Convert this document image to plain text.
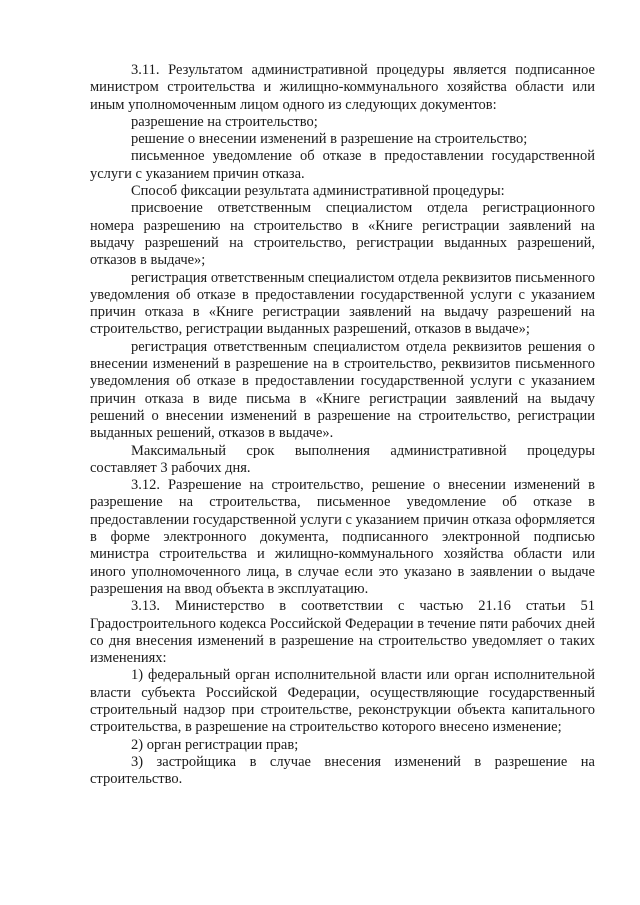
3.11. Результатом административной процедуры является подписанное министром строительства и жилищно-коммунального хозяйства области или иным уполномоченным лицом одного из следующих документов:

разрешение на строительство;

решение о внесении изменений в разрешение на строительство;

письменное уведомление об отказе в предоставлении государственной услуги с указанием причин отказа.

Способ фиксации результата административной процедуры:

присвоение ответственным специалистом отдела регистрационного номера разрешению на строительство в «Книге регистрации заявлений на выдачу разрешений на строительство, регистрации выданных разрешений, отказов в выдаче»;

регистрация ответственным специалистом отдела реквизитов письменного уведомления об отказе в предоставлении государственной услуги с указанием причин отказа в «Книге регистрации заявлений на выдачу разрешений на строительство, регистрации выданных разрешений, отказов в выдаче»;

регистрация ответственным специалистом отдела реквизитов решения о внесении изменений в разрешение на в строительство, реквизитов письменного уведомления об отказе в предоставлении государственной услуги с указанием причин отказа в виде письма в «Книге регистрации заявлений на выдачу решений о внесении изменений в разрешение на строительство, регистрации выданных решений, отказов в выдаче».

Максимальный срок выполнения административной процедуры составляет 3 рабочих дня.

3.12. Разрешение на строительство, решение о внесении изменений в разрешение на строительства, письменное уведомление об отказе в предоставлении государственной услуги с указанием причин отказа оформляется в форме электронного документа, подписанного электронной подписью министра строительства и жилищно-коммунального хозяйства области или иного уполномоченного лица, в случае если это указано в заявлении о выдаче разрешения на ввод объекта в эксплуатацию.

3.13. Министерство в соответствии с частью 21.16 статьи 51 Градостроительного кодекса Российской Федерации в течение пяти рабочих дней со дня внесения изменений в разрешение на строительство уведомляет о таких изменениях:

1) федеральный орган исполнительной власти или орган исполнительной власти субъекта Российской Федерации, осуществляющие государственный строительный надзор при строительстве, реконструкции объекта капитального строительства, в разрешение на строительство которого внесено изменение;

2) орган регистрации прав;

3) застройщика в случае внесения изменений в разрешение на строительство.
